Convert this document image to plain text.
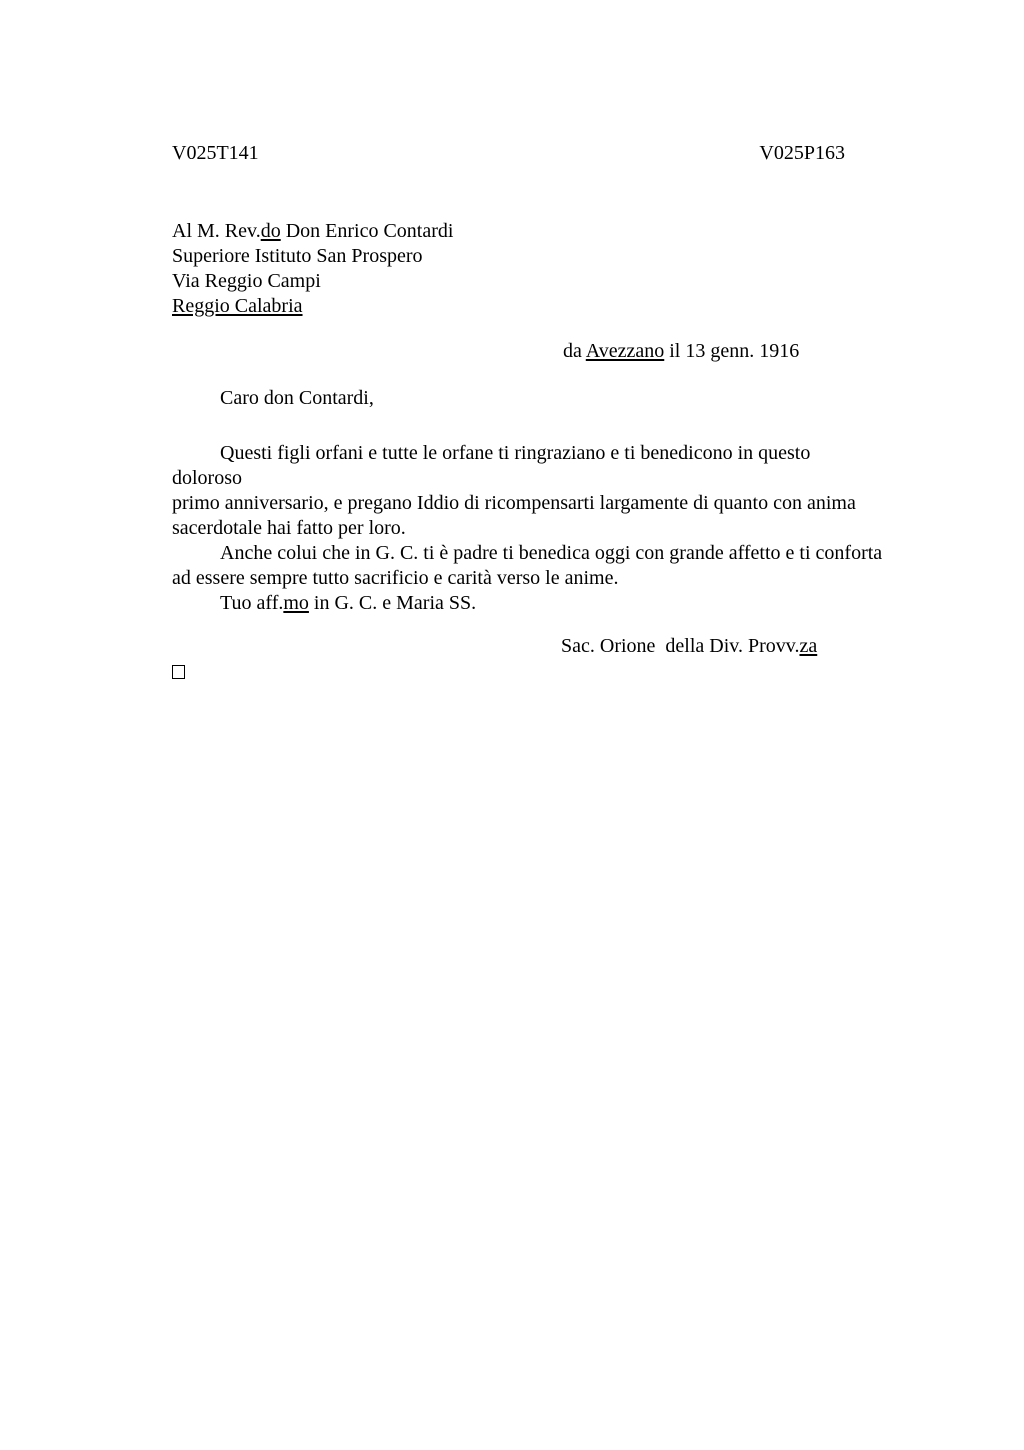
V025T141	V025P163
Al M. Rev.do Don Enrico Contardi
Superiore Istituto San Prospero
Via Reggio Campi
Reggio Calabria
da Avezzano il 13 genn. 1916
Caro don Contardi,
Questi figli orfani e tutte le orfane ti ringraziano e ti benedicono in questo
doloroso
primo anniversario, e pregano Iddio di ricompensarti largamente di quanto con anima
sacerdotale hai fatto per loro.
Anche colui che in G. C. ti è padre ti benedica oggi con grande affetto e ti conforta
ad essere sempre tutto sacrificio e carità verso le anime.
Tuo aff.mo in G. C. e Maria SS.
Sac. Orione  della Div. Provv.za
